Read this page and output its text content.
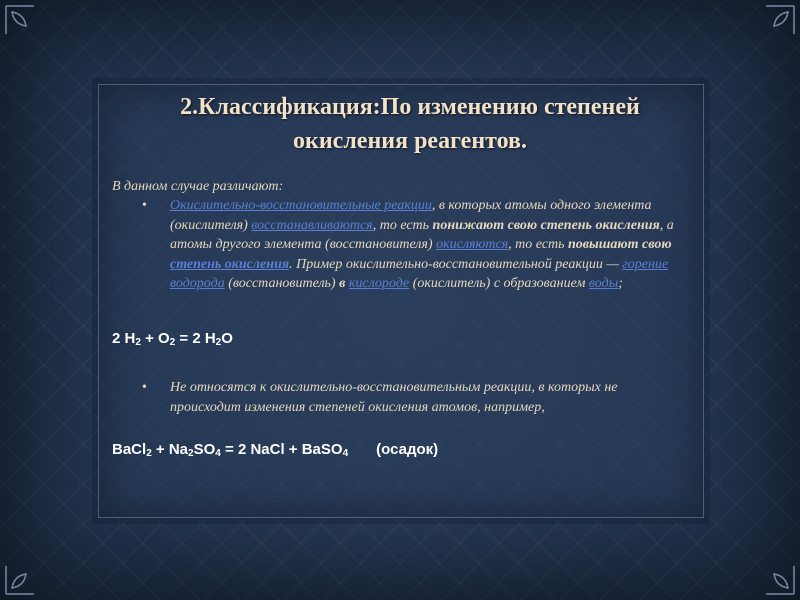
2.Классификация:По изменению степеней окисления реагентов.
В данном случае различают:
•	Окислительно-восстановительные реакции, в которых атомы одного элемента (окислителя) восстанавливаются, то есть понижают свою степень окисления, а атомы другого элемента (восстановителя) окисляются, то есть повышают свою степень окисления. Пример окислительно-восстановительной реакции — горение водорода (восстановитель) в кислороде (окислитель) с образованием воды;
2 $H_2 + O_2 = 2$ $H_2O$
•	Не относятся к окислительно-восстановительным реакции, в которых не происходит изменения степеней окисления атомов, например,
BaCl$_2$ + $Na_2SO_4 = 2$ NaCl + BaSO$_4$ (осадок)
